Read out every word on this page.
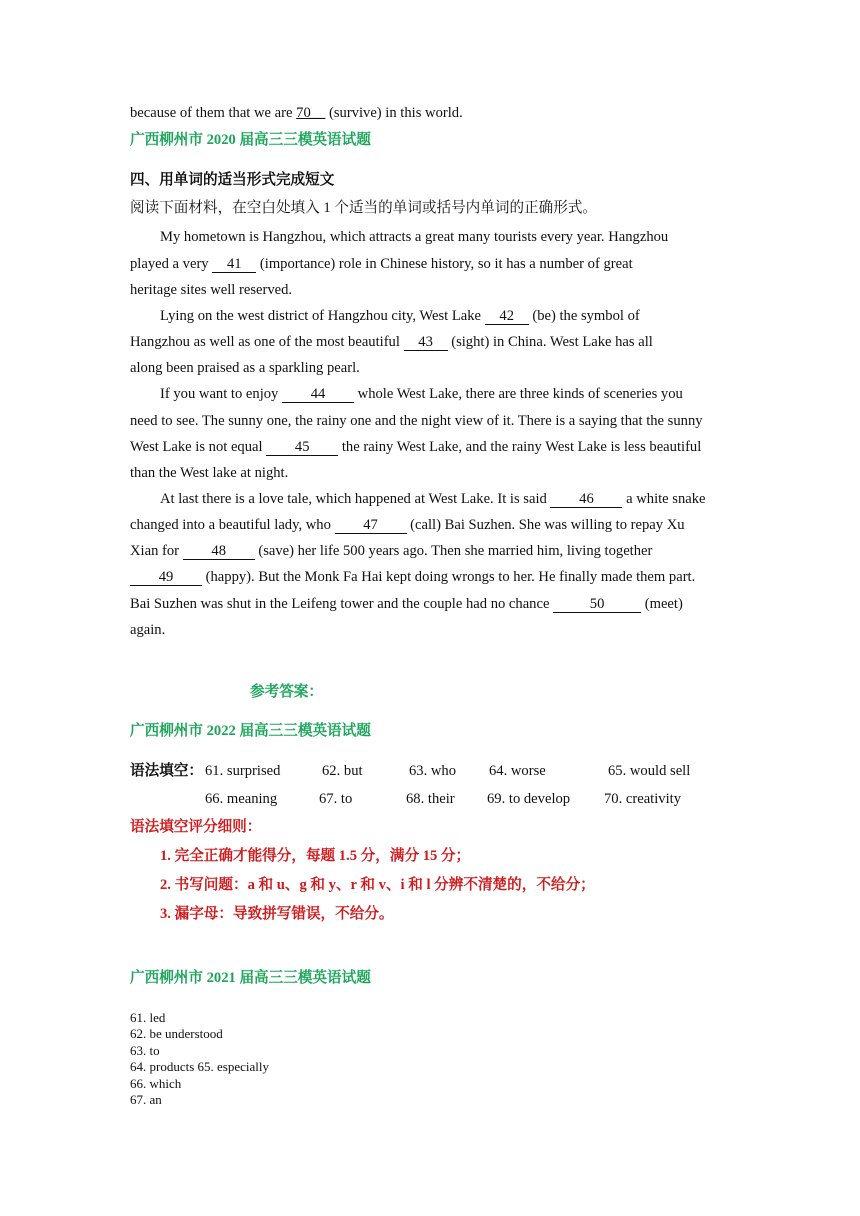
because of them that we are 70__ (survive) in this world.
广西柳州市 2020 届高三三模英语试题
四、用单词的适当形式完成短文
阅读下面材料，在空白处填入 1 个适当的单词或括号内单词的正确形式。
My hometown is Hangzhou, which attracts a great many tourists every year. Hangzhou
played a very 41 (importance) role in Chinese history, so it has a number of great
heritage sites well reserved.
Lying on the west district of Hangzhou city, West Lake 42 (be) the symbol of
Hangzhou as well as one of the most beautiful 43 (sight) in China. West Lake has all
along been praised as a sparkling pearl.
If you want to enjoy 44 whole West Lake, there are three kinds of sceneries you
need to see. The sunny one, the rainy one and the night view of it. There is a saying that the sunny
West Lake is not equal 45 the rainy West Lake, and the rainy West Lake is less beautiful
than the West lake at night.
At last there is a love tale, which happened at West Lake. It is said 46 a white snake
changed into a beautiful lady, who 47 (call) Bai Suzhen. She was willing to repay Xu
Xian for 48 (save) her life 500 years ago. Then she married him, living together
49 (happy). But the Monk Fa Hai kept doing wrongs to her. He finally made them part.
Bai Suzhen was shut in the Leifeng tower and the couple had no chance	50	(meet)
again.
参考答案：
广西柳州市 2022 届高三三模英语试题
语法填空： 61. surprised	62. but	63. who 64. worse	65. would sell
66. meaning	67. to	68. their 69. to develop 70. creativity
语法填空评分细则：
1. 完全正确才能得分，每题 1.5 分，满分 15 分；
2. 书写问题：a 和 u、g 和 y、r 和 v、i 和 l 分辨不清楚的，不给分；
3. 漏字母：导致拼写错误，不给分。
广西柳州市 2021 届高三三模英语试题
61. led
62. be understood
63. to
64. products 65. especially
66. which
67. an
